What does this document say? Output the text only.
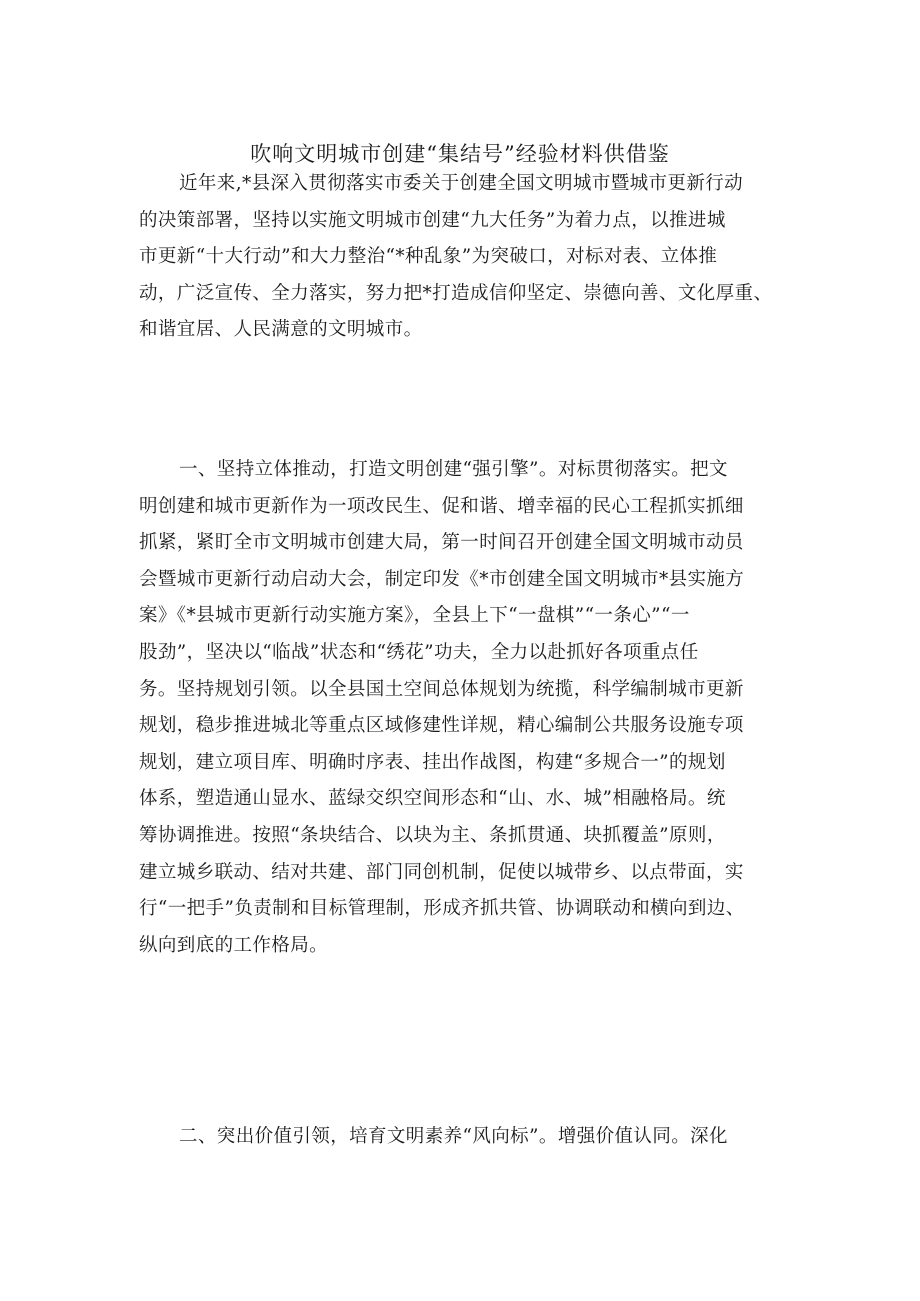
吹响文明城市创建“集结号”经验材料供借鉴
近年来,*县深入贯彻落实市委关于创建全国文明城市暨城市更新行动
的决策部署，坚持以实施文明城市创建“九大任务”为着力点，以推进城
市更新“十大行动”和大力整治“*种乱象”为突破口，对标对表、立体推
动，广泛宣传、全力落实，努力把*打造成信仰坚定、崇德向善、文化厚重、
和谐宜居、人民满意的文明城市。
一、坚持立体推动，打造文明创建“强引擎”。对标贯彻落实。把文
明创建和城市更新作为一项改民生、促和谐、增幸福的民心工程抓实抓细
抓紧，紧盯全市文明城市创建大局，第一时间召开创建全国文明城市动员
会暨城市更新行动启动大会，制定印发《*市创建全国文明城市*县实施方
案》《*县城市更新行动实施方案》，全县上下“一盘棋”“一条心”“一
股劲”，坚决以“临战”状态和“绣花”功夫，全力以赴抓好各项重点任
务。坚持规划引领。以全县国土空间总体规划为统揽，科学编制城市更新
规划，稳步推进城北等重点区域修建性详规，精心编制公共服务设施专项
规划，建立项目库、明确时序表、挂出作战图，构建“多规合一”的规划
体系，塑造通山显水、蓝绿交织空间形态和“山、水、城”相融格局。统
筹协调推进。按照“条块结合、以块为主、条抓贯通、块抓覆盖”原则，
建立城乡联动、结对共建、部门同创机制，促使以城带乡、以点带面，实
行“一把手”负责制和目标管理制，形成齐抓共管、协调联动和横向到边、
纵向到底的工作格局。
二、突出价值引领，培育文明素养“风向标”。增强价值认同。深化
